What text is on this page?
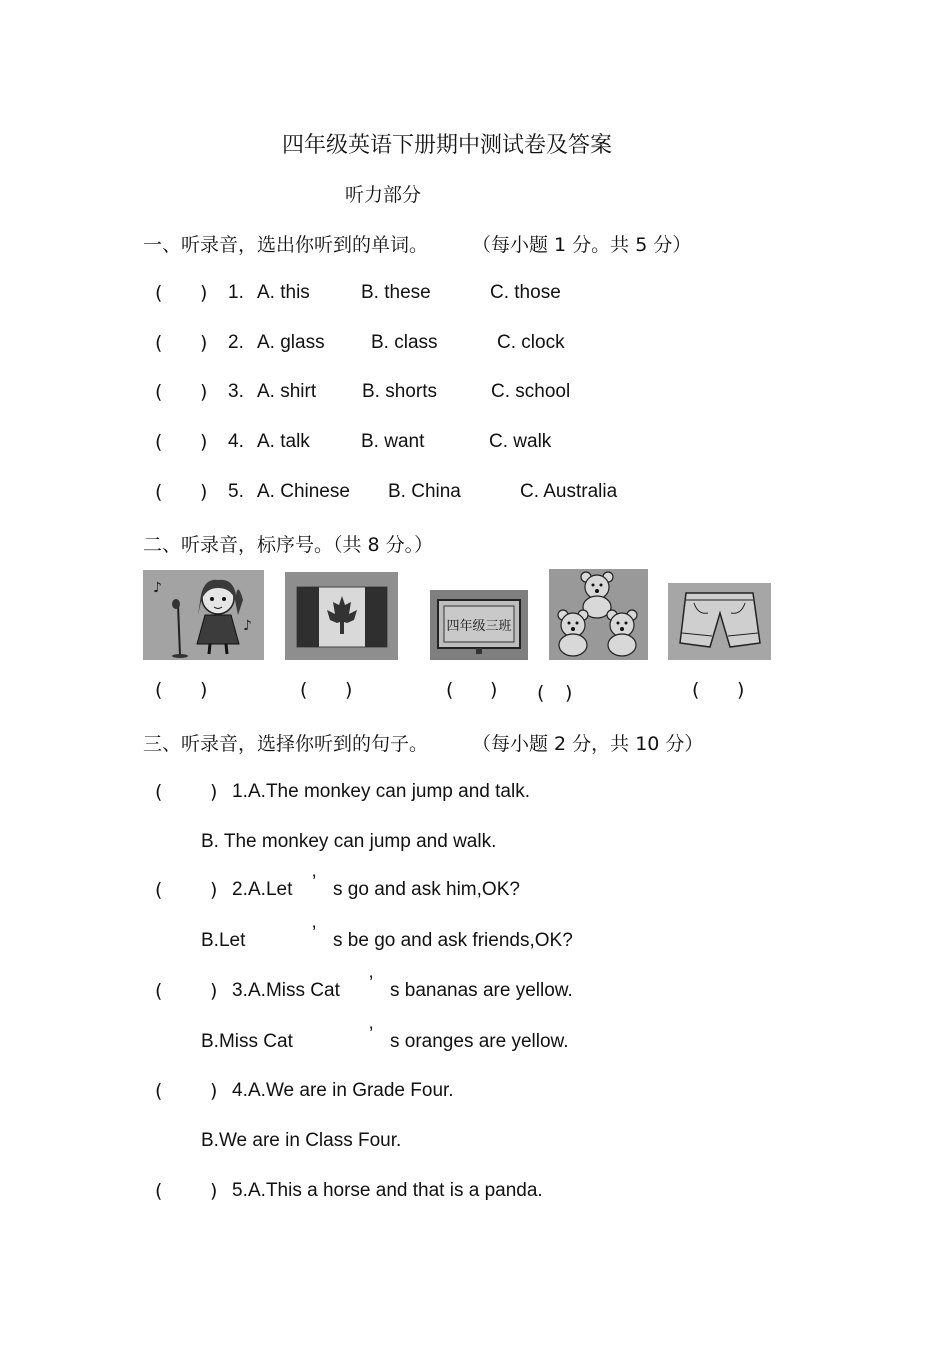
四年级英语下册期中测试卷及答案
听力部分
一、听录音，选出你听到的单词。 （每小题 1 分。共 5 分）
( ) 1. A. this	B. these	C. those
( ) 2. A. glass B. class	C. clock
( ) 3. A. shirt B. shorts	C. school
( ) 4. A. talk	B. want	C. walk
( ) 5. A. Chinese B. China	C. Australia
二、听录音，标序号。（共 8 分。）
♪
♪	四年级三班
( )	( )	( ) ( )	( )
三、听录音，选择你听到的句子。 （每小题 2 分，共 10 分）
(	) 1. A.The monkey can jump and talk.
B. The monkey can jump and walk.
(	) 2. A.Let ’ s go and ask him,OK?
B.Let	’ s be go and ask friends,OK?
(	) 3. A.Miss Cat ’ s bananas are yellow.
B.Miss Cat	’ s oranges are yellow.
(	) 4. A.We are in Grade Four.
B.We are in Class Four.
(	) 5. A.This a horse and that is a panda.
